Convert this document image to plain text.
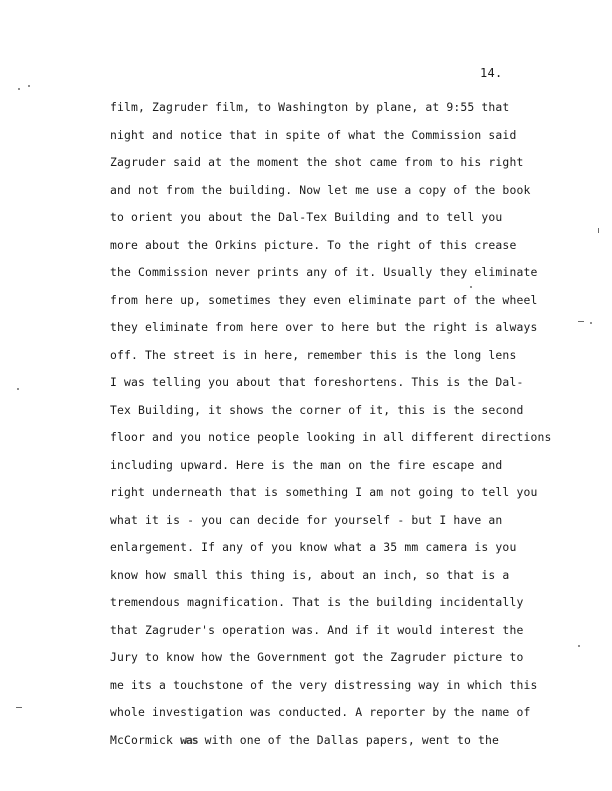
14.
film, Zagruder film, to Washington by plane, at 9:55 that
night and notice that in spite of what the Commission said
Zagruder said at the moment the shot came from to his right
and not from the building. Now let me use a copy of the book
to orient you about the Dal-Tex Building and to tell you
more about the Orkins picture. To the right of this crease
the Commission never prints any of it. Usually they eliminate
from here up, sometimes they even eliminate part of the wheel
they eliminate from here over to here but the right is always
off. The street is in here, remember this is the long lens
I was telling you about that foreshortens. This is the Dal-
Tex Building, it shows the corner of it, this is the second
floor and you notice people looking in all different directions
including upward. Here is the man on the fire escape and
right underneath that is something I am not going to tell you
what it is - you can decide for yourself - but I have an
enlargement. If any of you know what a 35 mm camera is you
know how small this thing is, about an inch, so that is a
tremendous magnification. That is the building incidentally
that Zagruder's operation was. And if it would interest the
Jury to know how the Government got the Zagruder picture to
me its a touchstone of the very distressing way in which this
whole investigation was conducted. A reporter by the name of
McCormick was with one of the Dallas papers, went to the
